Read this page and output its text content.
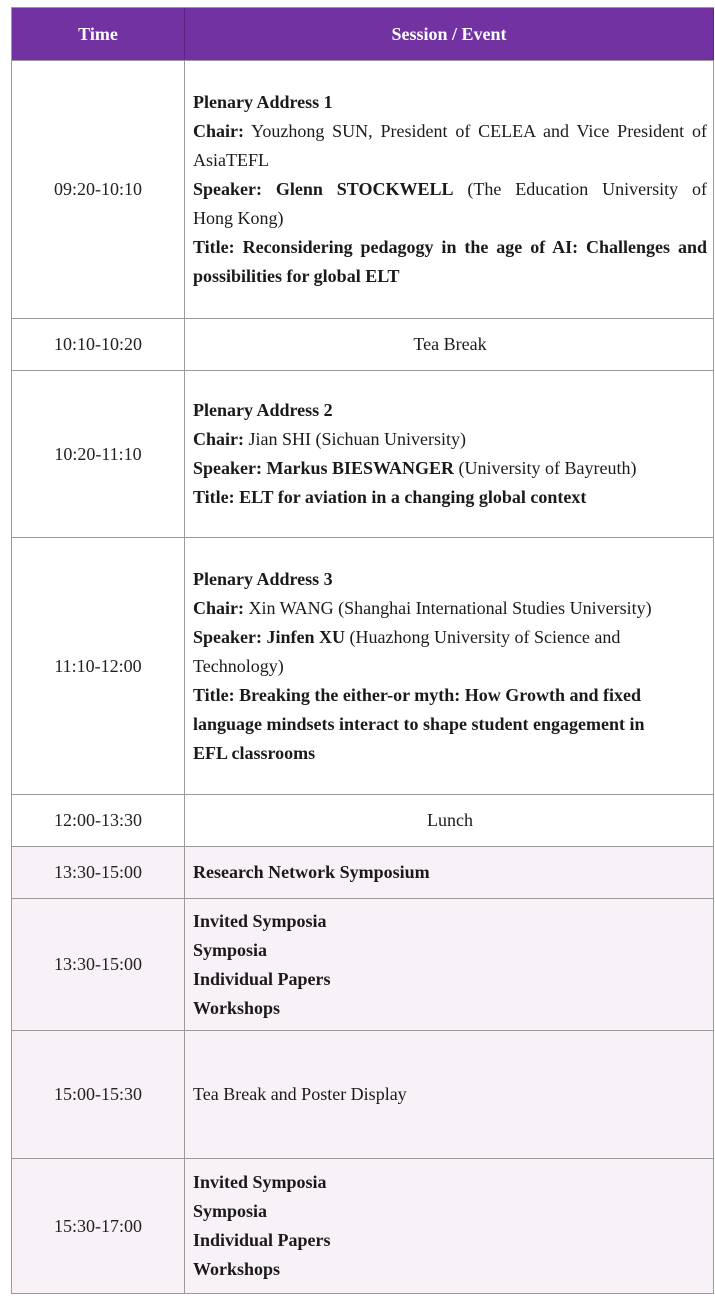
Time	Session / Event
09:20-10:10
Plenary Address 1
Chair: Youzhong SUN, President of CELEA and Vice President of
AsiaTEFL
Speaker: Glenn STOCKWELL (The Education University of
Hong Kong)
Title: Reconsidering pedagogy in the age of AI: Challenges and
possibilities for global ELT
10:10-10:20	Tea Break
10:20-11:10
Plenary Address 2
Chair: Jian SHI (Sichuan University)
Speaker: Markus BIESWANGER (University of Bayreuth)
Title: ELT for aviation in a changing global context
11:10-12:00
Plenary Address 3
Chair: Xin WANG (Shanghai International Studies University)
Speaker: Jinfen XU (Huazhong University of Science and
Technology)
Title: Breaking the either-or myth: How Growth and fixed
language mindsets interact to shape student engagement in
EFL classrooms
12:00-13:30	Lunch
13:30-15:00	Research Network Symposium
13:30-15:00
Invited Symposia
Symposia
Individual Papers
Workshops
15:00-15:30	Tea Break and Poster Display
15:30-17:00
Invited Symposia
Symposia
Individual Papers
Workshops
